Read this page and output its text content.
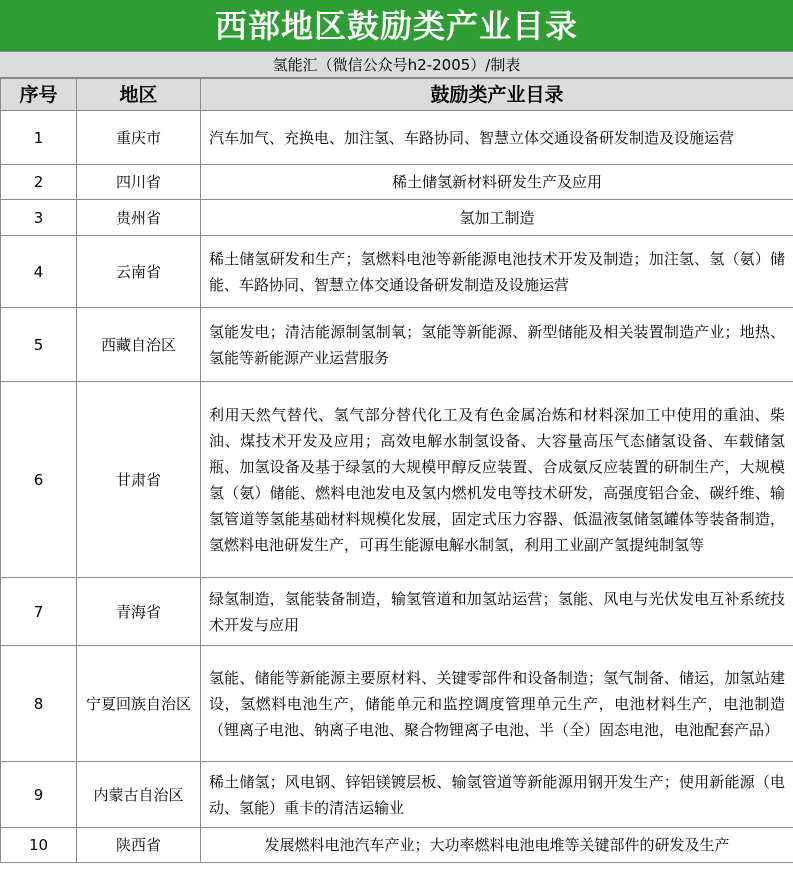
西部地区鼓励类产业目录
氢能汇（微信公众号h2-2005）/制表
序号	地区	鼓励类产业目录
1	重庆市	汽车加气、充换电、加注氢、车路协同、智慧立体交通设备研发制造及设施运营
2	四川省	稀土储氢新材料研发生产及应用
3	贵州省	氢加工制造
4	云南省	稀土储氢研发和生产；氢燃料电池等新能源电池技术开发及制造；加注氢、氢（氨）储能、车路协同、智慧立体交通设备研发制造及设施运营
5	西藏自治区	氢能发电；清洁能源制氢制氧；氢能等新能源、新型储能及相关装置制造产业；地热、氢能等新能源产业运营服务
6	甘肃省	利用天然气替代、氢气部分替代化工及有色金属冶炼和材料深加工中使用的重油、柴油、煤技术开发及应用；高效电解水制氢设备、大容量高压气态储氢设备、车载储氢瓶、加氢设备及基于绿氢的大规模甲醇反应装置、合成氨反应装置的研制生产，大规模氢（氨）储能、燃料电池发电及氢内燃机发电等技术研发，高强度铝合金、碳纤维、输氢管道等氢能基础材料规模化发展，固定式压力容器、低温液氢储氢罐体等装备制造，氢燃料电池研发生产，可再生能源电解水制氢，利用工业副产氢提纯制氢等
7	青海省	绿氢制造，氢能装备制造，输氢管道和加氢站运营；氢能、风电与光伏发电互补系统技术开发与应用
8	宁夏回族自治区	氢能、储能等新能源主要原材料、关键零部件和设备制造；氢气制备、储运，加氢站建设，氢燃料电池生产，储能单元和监控调度管理单元生产，电池材料生产，电池制造（锂离子电池、钠离子电池、聚合物锂离子电池、半（全）固态电池，电池配套产品）
9	内蒙古自治区	稀土储氢；风电钢、锌铝镁镀层板、输氢管道等新能源用钢开发生产；使用新能源（电动、氢能）重卡的清洁运输业
10	陕西省	发展燃料电池汽车产业；大功率燃料电池电堆等关键部件的研发及生产
